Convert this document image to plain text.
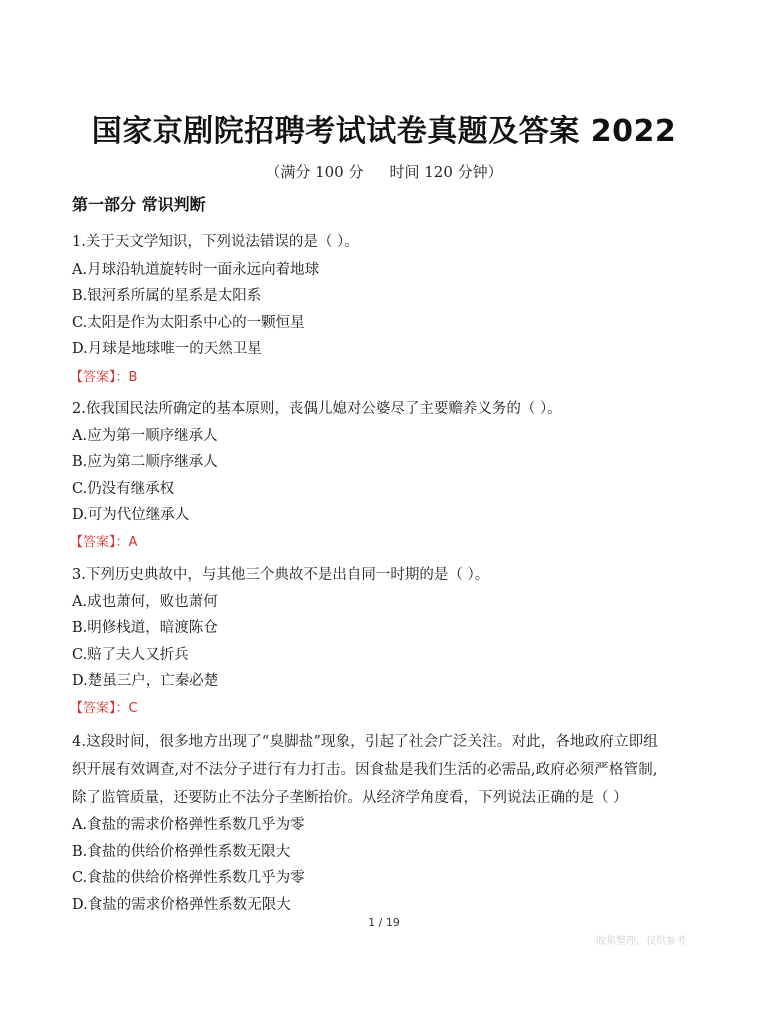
国家京剧院招聘考试试卷真题及答案 2022
（满分 100 分 时间 120 分钟）
第一部分 常识判断
1.关于天文学知识，下列说法错误的是（ ）。
A.月球沿轨道旋转时一面永远向着地球
B.银河系所属的星系是太阳系
C.太阳是作为太阳系中心的一颗恒星
D.月球是地球唯一的天然卫星
【答案】：B
2.依我国民法所确定的基本原则，丧偶儿媳对公婆尽了主要赡养义务的（ ）。
A.应为第一顺序继承人
B.应为第二顺序继承人
C.仍没有继承权
D.可为代位继承人
【答案】：A
3.下列历史典故中，与其他三个典故不是出自同一时期的是（ ）。
A.成也萧何，败也萧何
B.明修栈道，暗渡陈仓
C.赔了夫人又折兵
D.楚虽三户，亡秦必楚
【答案】：C
4.这段时间，很多地方出现了“臭脚盐”现象，引起了社会广泛关注。对此，各地政府立即组
织开展有效调查,对不法分子进行有力打击。因食盐是我们生活的必需品,政府必须严格管制,
除了监管质量，还要防止不法分子垄断抬价。从经济学角度看，下列说法正确的是（ ）
A.食盐的需求价格弹性系数几乎为零
B.食盐的供给价格弹性系数无限大
C.食盐的供给价格弹性系数几乎为零
D.食盐的需求价格弹性系数无限大
1 / 19
收集整理，仅供参考
